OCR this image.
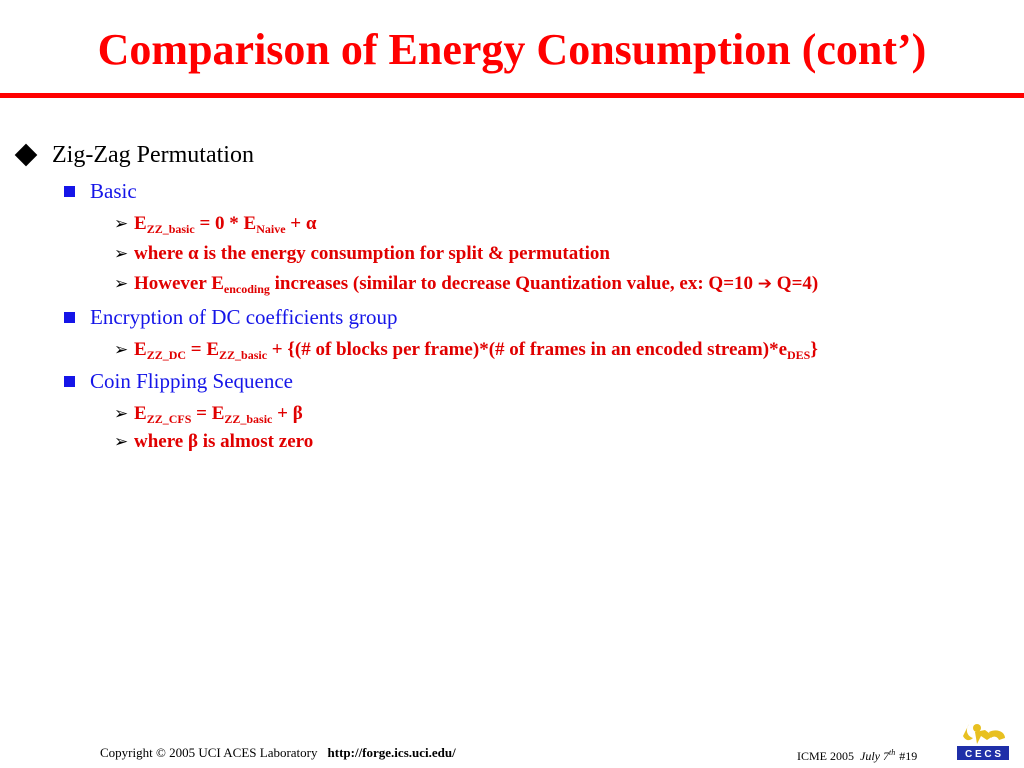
Comparison of Energy Consumption (cont’)
Zig-Zag Permutation
Basic
➢ $E_{ZZ\_basic} = 0 * E_{Naive} + \alpha$
➢ where α is the energy consumption for split & permutation
➢ However $E_{encoding}$ increases (similar to decrease Quantization value, ex: Q=10 ➔ Q=4)
Encryption of DC coefficients group
➢ $E_{ZZ\_DC} = E_{ZZ\_basic}$ + {(# of blocks per frame)*(# of frames in an encoded $stream)*e_{DES}$}
Coin Flipping Sequence
➢ $E_{ZZ\_CFS} = E_{ZZ\_basic} + \beta$
➢ where β is almost zero
Copyright © 2005 UCI ACES Laboratory http://forge.ics.uci.edu/	ICME 2005 July 7th #19	C E C S
